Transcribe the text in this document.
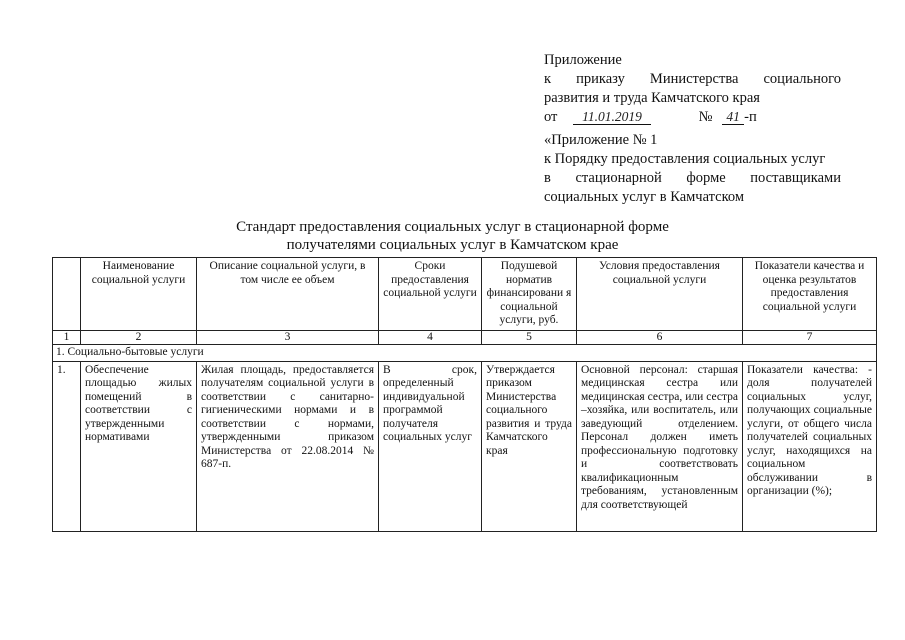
Приложение
к приказу Министерства социального
развития и труда Камчатского края
от 11.01.2019	№ 41 -п
«Приложение № 1
к Порядку предоставления социальных услуг
в стационарной форме поставщиками
социальных услуг в Камчатском
Стандарт предоставления социальных услуг в стационарной форме
получателями социальных услуг в Камчатском крае
	Наименование социальной услуги	Описание социальной услуги, в том числе ее объем	Сроки предоставления социальной услуги	Подушевой норматив финансировани я социальной услуги, руб.	Условия предоставления социальной услуги	Показатели качества и оценка результатов предоставления социальной услуги
1	2	3	4	5	6	7
1. Социально-бытовые услуги						
1.	Обеспечение площадью жилых помещений в соответствии с утвержденными нормативами	Жилая площадь, предоставляется получателям социальной услуги в соответствии с санитарно-гигиеническими нормами и в соответствии с нормами, утвержденными приказом Министерства от 22.08.2014 № 687-п.	В срок, определенный индивидуальной программой получателя социальных услуг	Утверждается приказом Министерства социального развития и труда Камчатского края	Основной персонал: старшая медицинская сестра или медицинская сестра, или сестра –хозяйка, или воспитатель, или заведующий отделением. Персонал должен иметь профессиональную подготовку и соответствовать квалификационным требованиям, установленным для соответствующей	Показатели качества: - доля получателей социальных услуг, получающих социальные услуги, от общего числа получателей социальных услуг, находящихся на социальном обслуживании в организации (%);
